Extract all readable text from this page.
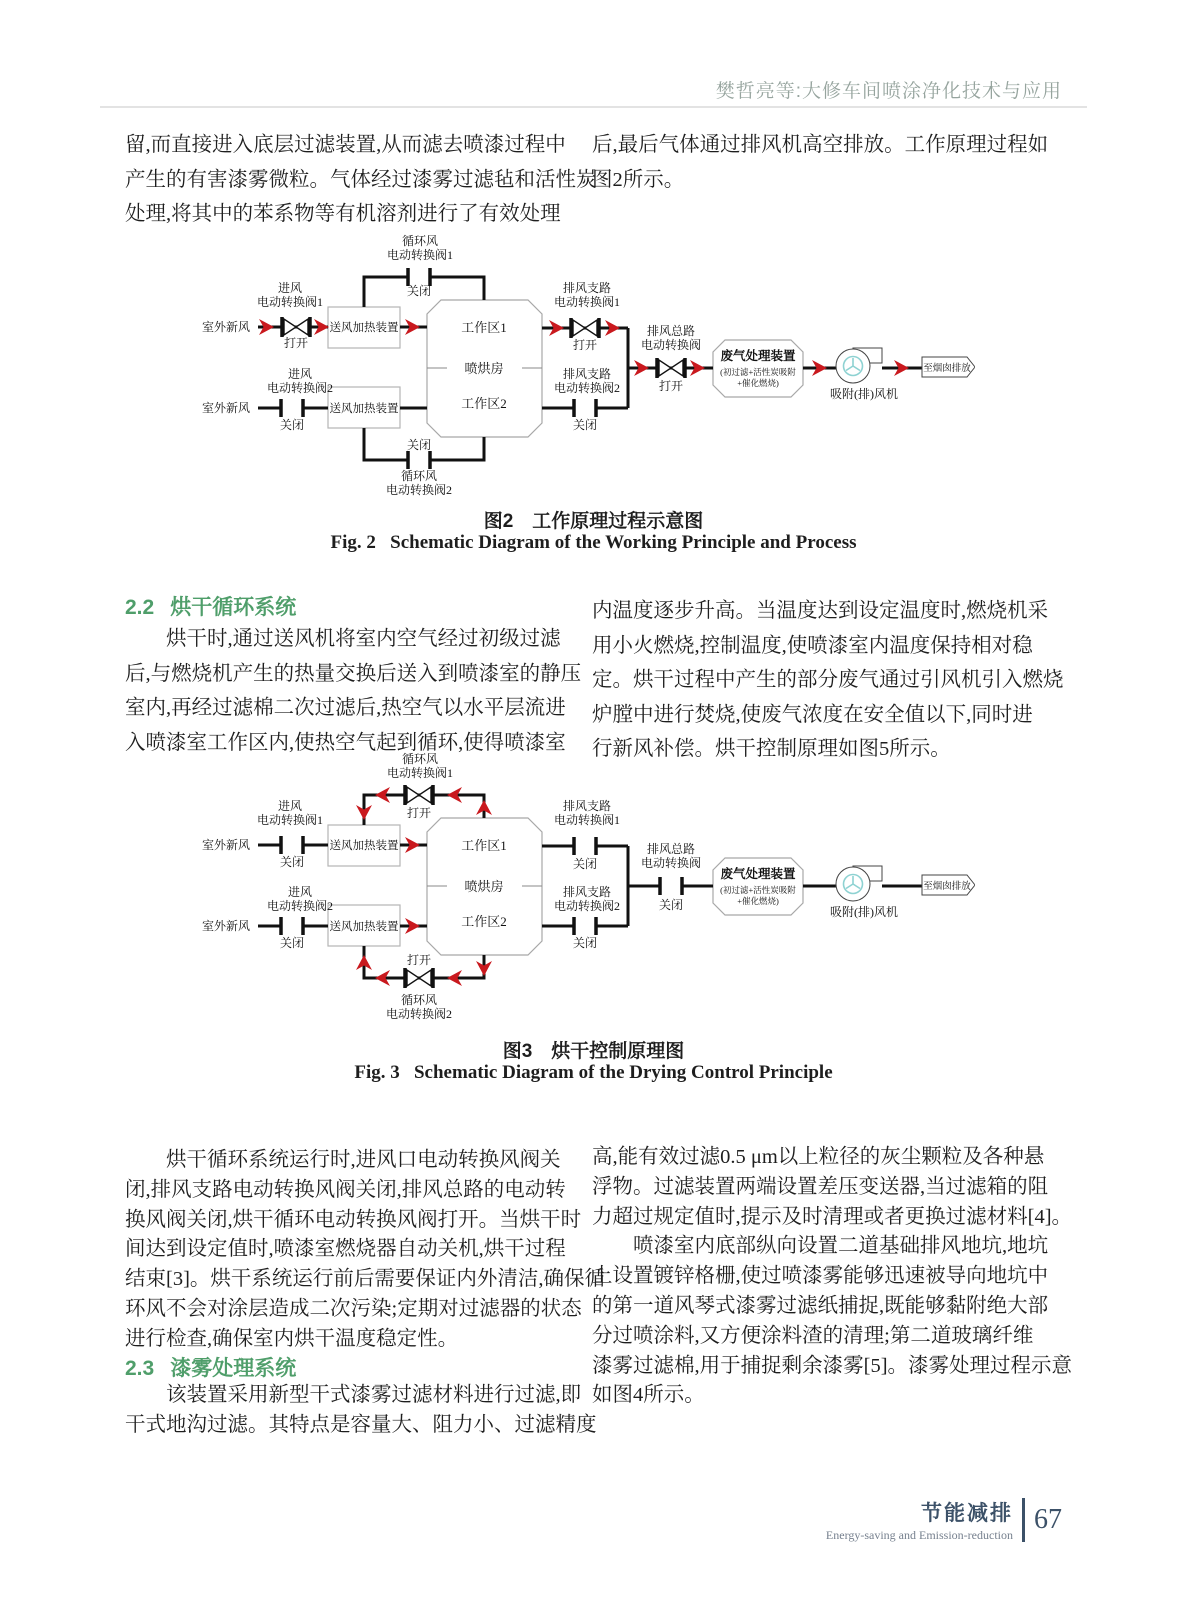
樊哲亮等:大修车间喷涂净化技术与应用
留,而直接进入底层过滤装置,从而滤去喷漆过程中
产生的有害漆雾微粒。气体经过漆雾过滤毡和活性炭
处理,将其中的苯系物等有机溶剂进行了有效处理
后,最后气体通过排风机高空排放。工作原理过程如
图2所示。
循环风
电动转换阀1
关闭
进风
电动转换阀1
室外新风
打开
送风加热装置
进风
电动转换阀2
室外新风
关闭
送风加热装置
关闭
循环风
电动转换阀2
工作区1
喷烘房
工作区2
排风支路
电动转换阀1
打开
排风支路
电动转换阀2
关闭
排风总路
电动转换阀
打开
废气处理装置
(初过滤+活性炭吸附
+催化燃烧)
吸附(排)风机
至烟囱排放
图2　工作原理过程示意图
Fig. 2   Schematic Diagram of the Working Principle and Process
2.2 烘干循环系统
　　烘干时,通过送风机将室内空气经过初级过滤
后,与燃烧机产生的热量交换后送入到喷漆室的静压
室内,再经过滤棉二次过滤后,热空气以水平层流进
入喷漆室工作区内,使热空气起到循环,使得喷漆室
内温度逐步升高。当温度达到设定温度时,燃烧机采
用小火燃烧,控制温度,使喷漆室内温度保持相对稳
定。烘干过程中产生的部分废气通过引风机引入燃烧
炉膛中进行焚烧,使废气浓度在安全值以下,同时进
行新风补偿。烘干控制原理如图5所示。
循环风
电动转换阀1
打开
进风
电动转换阀1
室外新风
关闭
送风加热装置
进风
电动转换阀2
室外新风
关闭
送风加热装置
打开
循环风
电动转换阀2
工作区1
喷烘房
工作区2
排风支路
电动转换阀1
关闭
排风支路
电动转换阀2
关闭
排风总路
电动转换阀
关闭
废气处理装置
(初过滤+活性炭吸附
+催化燃烧)
吸附(排)风机
至烟囱排放
图3　烘干控制原理图
Fig. 3   Schematic Diagram of the Drying Control Principle
　　烘干循环系统运行时,进风口电动转换风阀关
闭,排风支路电动转换风阀关闭,排风总路的电动转
换风阀关闭,烘干循环电动转换风阀打开。当烘干时
间达到设定值时,喷漆室燃烧器自动关机,烘干过程
结束[3]。烘干系统运行前后需要保证内外清洁,确保循
环风不会对涂层造成二次污染;定期对过滤器的状态
进行检查,确保室内烘干温度稳定性。
2.3 漆雾处理系统
　　该装置采用新型干式漆雾过滤材料进行过滤,即
干式地沟过滤。其特点是容量大、阻力小、过滤精度
高,能有效过滤0.5 μm以上粒径的灰尘颗粒及各种悬
浮物。过滤装置两端设置差压变送器,当过滤箱的阻
力超过规定值时,提示及时清理或者更换过滤材料[4]。
　　喷漆室内底部纵向设置二道基础排风地坑,地坑
上设置镀锌格栅,使过喷漆雾能够迅速被导向地坑中
的第一道风琴式漆雾过滤纸捕捉,既能够黏附绝大部
分过喷涂料,又方便涂料渣的清理;第二道玻璃纤维
漆雾过滤棉,用于捕捉剩余漆雾[5]。漆雾处理过程示意
如图4所示。
节能减排
Energy-saving and Emission-reduction 67
